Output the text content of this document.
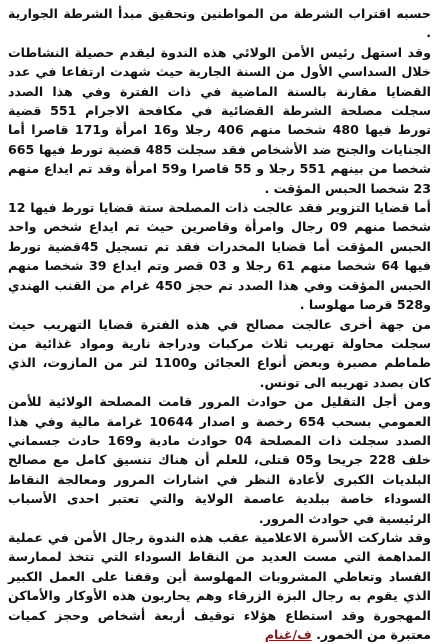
حسبه اقتراب الشرطة من المواطنين وتحقيق مبدأ الشرطة الجوارية .

وقد استهل رئيس الأمن الولائي هذه الندوة ليقدم حصيلة النشاطات خلال السداسي الأول من السنة الجارية حيث شهدت ارتفاعا في عدد القضايا مقارنة بالسنة الماضية في ذات الفترة وفي هذا الصدد سجلت مصلحة الشرطة القضائية في مكافحة الاجرام 551 قضية تورط فيها 480 شخصا منهم 406 رجلا و16 امرأة و171 قاصرا أما الجنايات والجنح ضد الأشخاص فقد سجلت 485 قضية تورط فيها 665 شخصا من بينهم 551 رجلا و 55 قاصرا و59 امرأة وقد تم ايداع منهم 23 شخصا الحبس المؤقت .

أما قضايا التزوير فقد عالجت ذات المصلحة ستة قضايا تورط فيها 12 شخصا منهم 09 رجال وامرأة وقاصرين حيث تم ايداع شخص واحد الحبس المؤقت أما قضايا المخدرات فقد تم تسجيل 45قضية تورط فيها 64 شخصا منهم 61 رجلا و 03 قصر وتم ايداع 39 شخصا منهم الحبس المؤقت وفي هذا الصدد تم حجز 450 غرام من القنب الهندي و528 قرصا مهلوسا .

من جهة أخرى عالجت مصالح في هذه الفترة قضايا التهريب حيث سجلت محاولة تهريب ثلاث مركبات ودراجة نارية ومواد غذائية من طماطم مصبرة وبعض أنواع العجائن و1100 لتر من المازوت، الذي كان بصدد تهريبه الى تونس.

ومن أجل التقليل من حوادث المرور قامت المصلحة الولائية للأمن العمومي بسحب 654 رخصة و اصدار 10644 غرامة مالية وفي هذا الصدد سجلت ذات المصلحة 04 حوادث مادية و169 حادث جسماني خلف 228 جريحا و05 قتلى، للعلم أن هناك تنسيق كامل مع مصالح البلديات الكبرى لأعادة النظر في اشارات المرور ومعالجة النقاط السوداء خاصة ببلدية عاصمة الولاية والتي تعتبر احدى الأسباب الرئيسية في حوادث المرور.

وقد شاركت الأسرة الاعلامية عقب هذه الندوة رجال الأمن في عملية المداهمة التي مست العديد من النقاط السوداء التي تتخذ لممارسة الفساد وتعاطي المشروبات المهلوسة أين وقفنا على العمل الكبير الذي يقوم به رجال البزة الزرقاء وهم يحاربون هذه الأوكار والأماكن المهجورة وقد استطاع هؤلاء توقيف أربعة أشخاص وحجز كميات معتبرة من الخمور. ف/غنام
